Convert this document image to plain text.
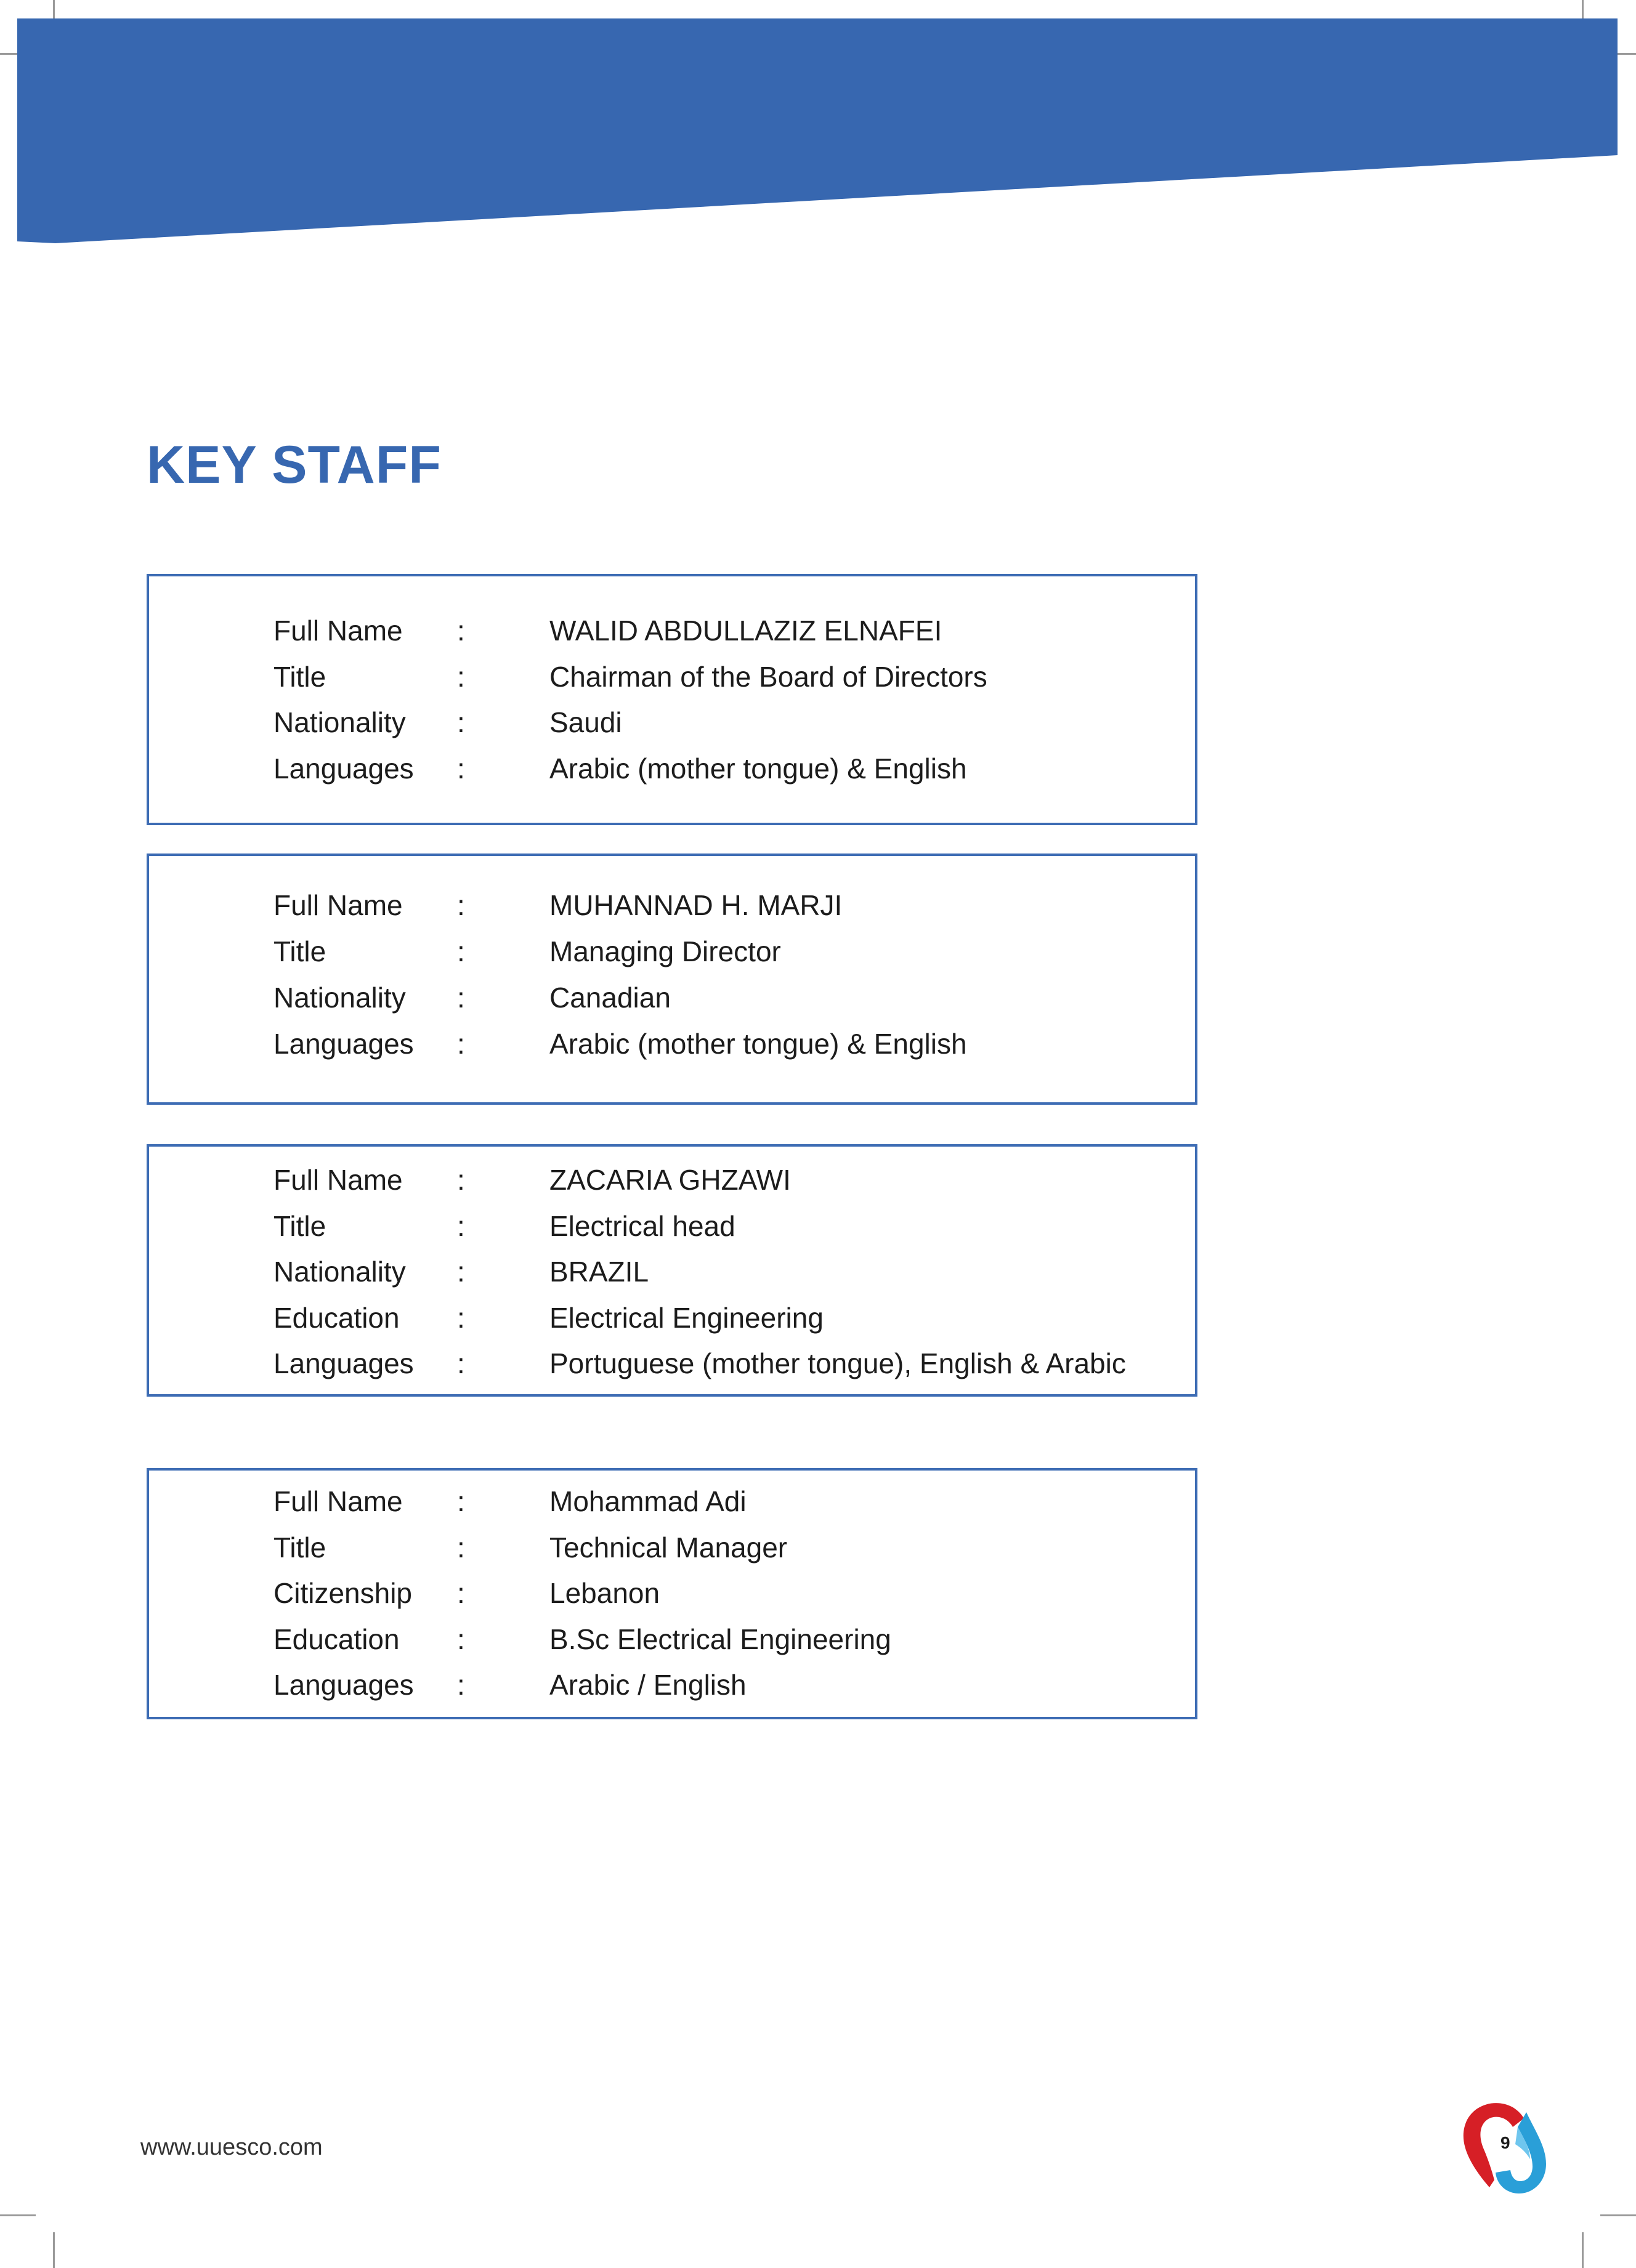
KEY STAFF
Full Name :	WALID ABDULLAZIZ ELNAFEI
Title	:	Chairman of the Board of Directors
Nationality :	Saudi
Languages :	Arabic (mother tongue) & English
Full Name :	MUHANNAD H. MARJI
Title	:	Managing Director
Nationality :	Canadian
Languages :	Arabic (mother tongue) & English
Full Name :	ZACARIA GHZAWI
Title	:	Electrical head
Nationality :	BRAZIL
Education :	Electrical Engineering
Languages :	Portuguese (mother tongue), English & Arabic
Full Name :	Mohammad Adi
Title	:	Technical Manager
Citizenship :	Lebanon
Education :	B.Sc Electrical Engineering
Languages :	Arabic / English
www.uuesco.com	9
